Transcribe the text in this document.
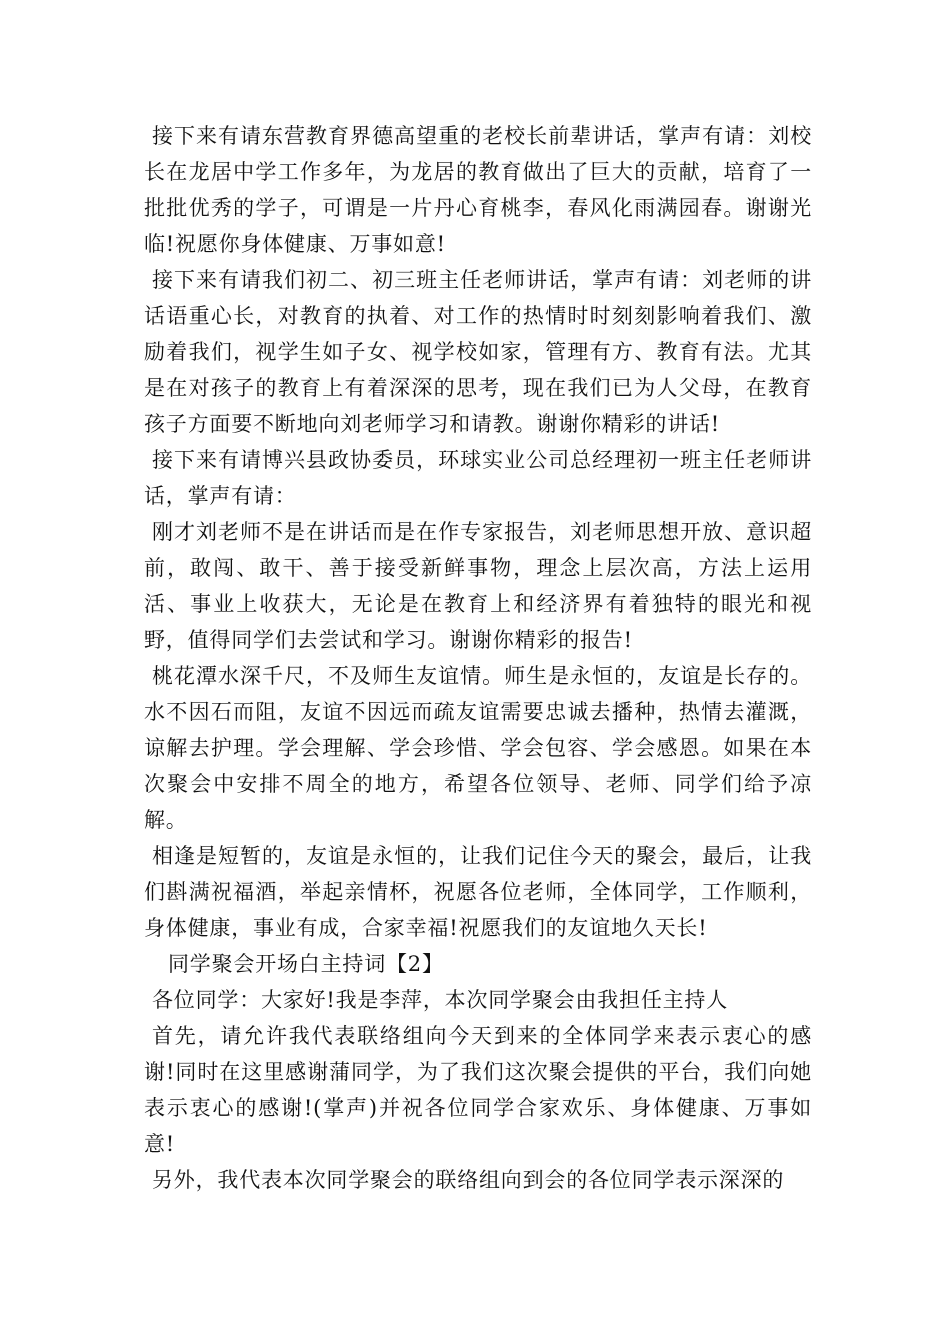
接下来有请东营教育界德高望重的老校长前辈讲话，掌声有请：刘校长在龙居中学工作多年，为龙居的教育做出了巨大的贡献，培育了一批批优秀的学子，可谓是一片丹心育桃李，春风化雨满园春。谢谢光临!祝愿你身体健康、万事如意!

接下来有请我们初二、初三班主任老师讲话，掌声有请：刘老师的讲话语重心长，对教育的执着、对工作的热情时时刻刻影响着我们、激励着我们，视学生如子女、视学校如家，管理有方、教育有法。尤其是在对孩子的教育上有着深深的思考，现在我们已为人父母，在教育孩子方面要不断地向刘老师学习和请教。谢谢你精彩的讲话!

接下来有请博兴县政协委员，环球实业公司总经理初一班主任老师讲话，掌声有请：

刚才刘老师不是在讲话而是在作专家报告，刘老师思想开放、意识超前，敢闯、敢干、善于接受新鲜事物，理念上层次高，方法上运用活、事业上收获大，无论是在教育上和经济界有着独特的眼光和视野，值得同学们去尝试和学习。谢谢你精彩的报告!

桃花潭水深千尺，不及师生友谊情。师生是永恒的，友谊是长存的。水不因石而阻，友谊不因远而疏友谊需要忠诚去播种，热情去灌溉，谅解去护理。学会理解、学会珍惜、学会包容、学会感恩。如果在本次聚会中安排不周全的地方，希望各位领导、老师、同学们给予凉解。

相逢是短暂的，友谊是永恒的，让我们记住今天的聚会，最后，让我们斟满祝福酒，举起亲情杯，祝愿各位老师，全体同学，工作顺利，身体健康，事业有成，合家幸福!祝愿我们的友谊地久天长!

同学聚会开场白主持词【2】

各位同学：大家好!我是李萍，本次同学聚会由我担任主持人

首先，请允许我代表联络组向今天到来的全体同学来表示衷心的感谢!同时在这里感谢蒲同学，为了我们这次聚会提供的平台，我们向她表示衷心的感谢!(掌声)并祝各位同学合家欢乐、身体健康、万事如意!

另外，我代表本次同学聚会的联络组向到会的各位同学表示深深的
